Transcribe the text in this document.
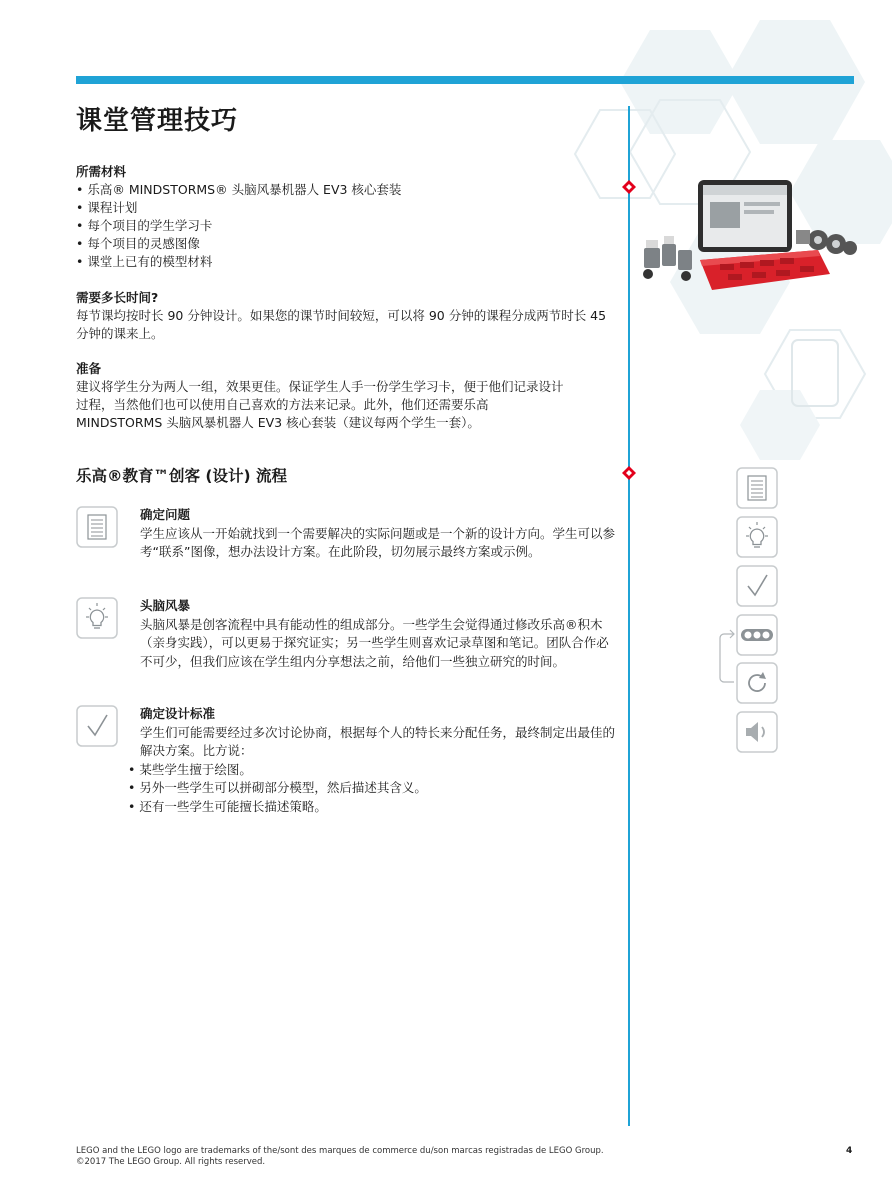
课堂管理技巧
所需材料
• 乐高® MINDSTORMS® 头脑风暴机器人 EV3 核心套装
• 课程计划
• 每个项目的学生学习卡
• 每个项目的灵感图像
• 课堂上已有的模型材料
需要多长时间?
每节课均按时长 90 分钟设计。如果您的课节时间较短，可以将 90 分钟的课程分成两节时长 45 分钟的课来上。
准备
建议将学生分为两人一组，效果更佳。保证学生人手一份学生学习卡，便于他们记录设计过程，当然他们也可以使用自己喜欢的方法来记录。此外，他们还需要乐高 MINDSTORMS 头脑风暴机器人 EV3 核心套装（建议每两个学生一套）。
乐高®教育™创客 (设计) 流程
确定问题
学生应该从一开始就找到一个需要解决的实际问题或是一个新的设计方向。学生可以参考“联系”图像，想办法设计方案。在此阶段，切勿展示最终方案或示例。
头脑风暴
头脑风暴是创客流程中具有能动性的组成部分。一些学生会觉得通过修改乐高®积木（亲身实践），可以更易于探究证实；另一些学生则喜欢记录草图和笔记。团队合作必不可少，但我们应该在学生组内分享想法之前，给他们一些独立研究的时间。
确定设计标准
学生们可能需要经过多次讨论协商，根据每个人的特长来分配任务，最终制定出最佳的解决方案。比方说：
• 某些学生擅于绘图。
• 另外一些学生可以拼砌部分模型，然后描述其含义。
• 还有一些学生可能擅长描述策略。
LEGO and the LEGO logo are trademarks of the/sont des marques de commerce du/son marcas registradas de LEGO Group.
©2017 The LEGO Group. All rights reserved.
4
